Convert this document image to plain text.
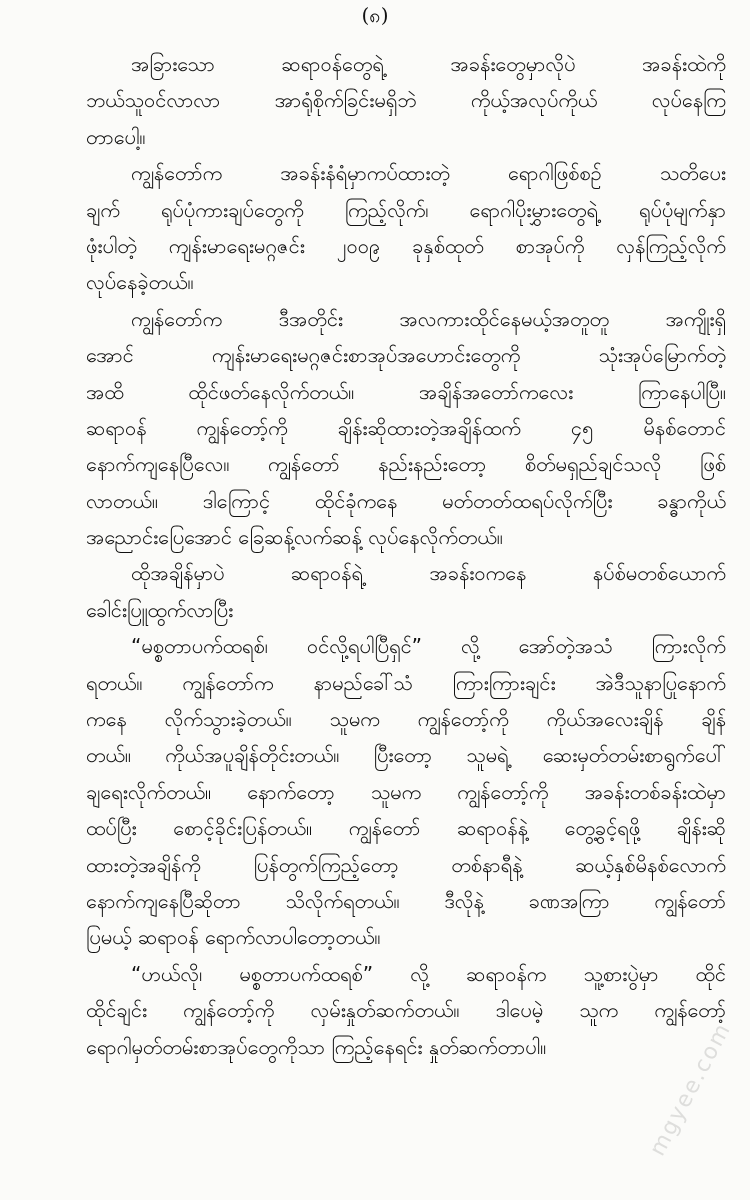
(၈)
အခြားသော ဆရာဝန်တွေရဲ့ အခန်းတွေမှာလိုပဲ အခန်းထဲကို
ဘယ်သူဝင်လာလာ အာရုံစိုက်ခြင်းမရှိဘဲ ကိုယ့်အလုပ်ကိုယ် လုပ်နေကြ
တာပေါ့။
ကျွန်တော်က အခန်းနံရံမှာကပ်ထားတဲ့ ရောဂါဖြစ်စဉ် သတိပေး
ချက် ရုပ်ပုံကားချပ်တွေကို ကြည့်လိုက်၊ ရောဂါပိုးမွှားတွေရဲ့ ရုပ်ပုံမျက်နှာ
ဖုံးပါတဲ့ ကျန်းမာရေးမဂ္ဂဇင်း ၂၀၀၉ ခုနှစ်ထုတ် စာအုပ်ကို လှန်ကြည့်လိုက်
လုပ်နေခဲ့တယ်။
ကျွန်တော်က ဒီအတိုင်း အလကားထိုင်နေမယ့်အတူတူ အကျိုးရှိ
အောင် ကျန်းမာရေးမဂ္ဂဇင်းစာအုပ်အဟောင်းတွေကို သုံးအုပ်မြောက်တဲ့
အထိ ထိုင်ဖတ်နေလိုက်တယ်။ အချိန်အတော်ကလေး ကြာနေပါပြီ။
ဆရာဝန် ကျွန်တော့်ကို ချိန်းဆိုထားတဲ့အချိန်ထက် ၄၅ မိနစ်တောင်
နောက်ကျနေပြီလေ။ ကျွန်တော် နည်းနည်းတော့ စိတ်မရှည်ချင်သလို ဖြစ်
လာတယ်။ ဒါကြောင့် ထိုင်ခုံကနေ မတ်တတ်ထရပ်လိုက်ပြီး ခန္ဓာကိုယ်
အညောင်းပြေအောင် ခြေဆန့်လက်ဆန့် လုပ်နေလိုက်တယ်။
ထိုအချိန်မှာပဲ ဆရာဝန်ရဲ့ အခန်းဝကနေ နပ်စ်မတစ်ယောက်
ခေါင်းပြူထွက်လာပြီး
“မစ္စတာပက်ထရစ်၊ ဝင်လို့ရပါပြီရှင်” လို့ အော်တဲ့အသံ ကြားလိုက်
ရတယ်။ ကျွန်တော်က နာမည်ခေါ်သံ ကြားကြားချင်း အဲဒီသူနာပြုနောက်
ကနေ လိုက်သွားခဲ့တယ်။ သူမက ကျွန်တော့်ကို ကိုယ်အလေးချိန် ချိန်
တယ်။ ကိုယ်အပူချိန်တိုင်းတယ်။ ပြီးတော့ သူမရဲ့ ဆေးမှတ်တမ်းစာရွက်ပေါ်
ချရေးလိုက်တယ်။ နောက်တော့ သူမက ကျွန်တော့်ကို အခန်းတစ်ခန်းထဲမှာ
ထပ်ပြီး စောင့်ခိုင်းပြန်တယ်။ ကျွန်တော် ဆရာဝန်နဲ့ တွေ့ခွင့်ရဖို့ ချိန်းဆို
ထားတဲ့အချိန်ကို ပြန်တွက်ကြည့်တော့ တစ်နာရီနဲ့ ဆယ့်နှစ်မိနစ်လောက်
နောက်ကျနေပြီဆိုတာ သိလိုက်ရတယ်။ ဒီလိုနဲ့ ခဏအကြာ ကျွန်တော်
ပြမယ့် ဆရာဝန် ရောက်လာပါတော့တယ်။
“ဟယ်လို၊ မစ္စတာပက်ထရစ်” လို့ ဆရာဝန်က သူ့စားပွဲမှာ ထိုင်
ထိုင်ချင်း ကျွန်တော့်ကို လှမ်းနှုတ်ဆက်တယ်။ ဒါပေမဲ့ သူက ကျွန်တော့်
ရောဂါမှတ်တမ်းစာအုပ်တွေကိုသာ ကြည့်နေရင်း နှုတ်ဆက်တာပါ။	mgyee.com
